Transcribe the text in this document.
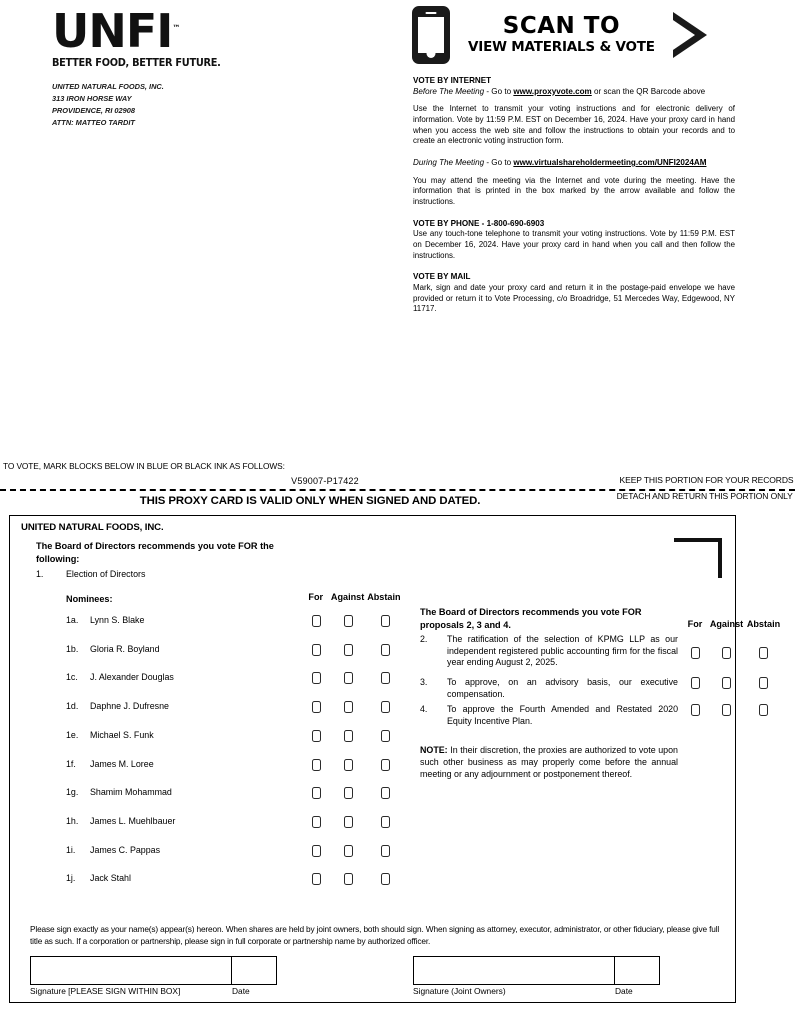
UNFI™
BETTER FOOD, BETTER FUTURE.
UNITED NATURAL FOODS, INC.
313 IRON HORSE WAY
PROVIDENCE, RI 02908
ATTN: MATTEO TARDIT
SCAN TO
VIEW MATERIALS & VOTE
VOTE BY INTERNET
Before The Meeting - Go to www.proxyvote.com or scan the QR Barcode above
Use the Internet to transmit your voting instructions and for electronic delivery of information. Vote by 11:59 P.M. EST on December 16, 2024. Have your proxy card in hand when you access the web site and follow the instructions to obtain your records and to create an electronic voting instruction form.
During The Meeting - Go to www.virtualshareholdermeeting.com/UNFI2024AM
You may attend the meeting via the Internet and vote during the meeting. Have the information that is printed in the box marked by the arrow available and follow the instructions.
VOTE BY PHONE - 1-800-690-6903
Use any touch-tone telephone to transmit your voting instructions. Vote by 11:59 P.M. EST on December 16, 2024. Have your proxy card in hand when you call and then follow the instructions.
VOTE BY MAIL
Mark, sign and date your proxy card and return it in the postage-paid envelope we have provided or return it to Vote Processing, c/o Broadridge, 51 Mercedes Way, Edgewood, NY 11717.
TO VOTE, MARK BLOCKS BELOW IN BLUE OR BLACK INK AS FOLLOWS:
V59007-P17422	KEEP THIS PORTION FOR YOUR RECORDS
DETACH AND RETURN THIS PORTION ONLY
THIS PROXY CARD IS VALID ONLY WHEN SIGNED AND DATED.
UNITED NATURAL FOODS, INC.
The Board of Directors recommends you vote FOR the following:
1.	Election of Directors
Nominees:	For Against Abstain
1a. Lynn S. Blake
1b. Gloria R. Boyland
1c. J. Alexander Douglas
1d. Daphne J. Dufresne
1e. Michael S. Funk
1f. James M. Loree
1g. Shamim Mohammad
1h. James L. Muehlbauer
1i. James C. Pappas
1j. Jack Stahl
The Board of Directors recommends you vote FOR proposals 2, 3 and 4.	For Against Abstain
2. The ratification of the selection of KPMG LLP as our independent registered public accounting firm for the fiscal year ending August 2, 2025.
3. To approve, on an advisory basis, our executive compensation.
4. To approve the Fourth Amended and Restated 2020 Equity Incentive Plan.
NOTE: In their discretion, the proxies are authorized to vote upon such other business as may properly come before the annual meeting or any adjournment or postponement thereof.
Please sign exactly as your name(s) appear(s) hereon. When shares are held by joint owners, both should sign. When signing as attorney, executor, administrator, or other fiduciary, please give full title as such. If a corporation or partnership, please sign in full corporate or partnership name by authorized officer.
Signature [PLEASE SIGN WITHIN BOX]	Date	Signature (Joint Owners)	Date
